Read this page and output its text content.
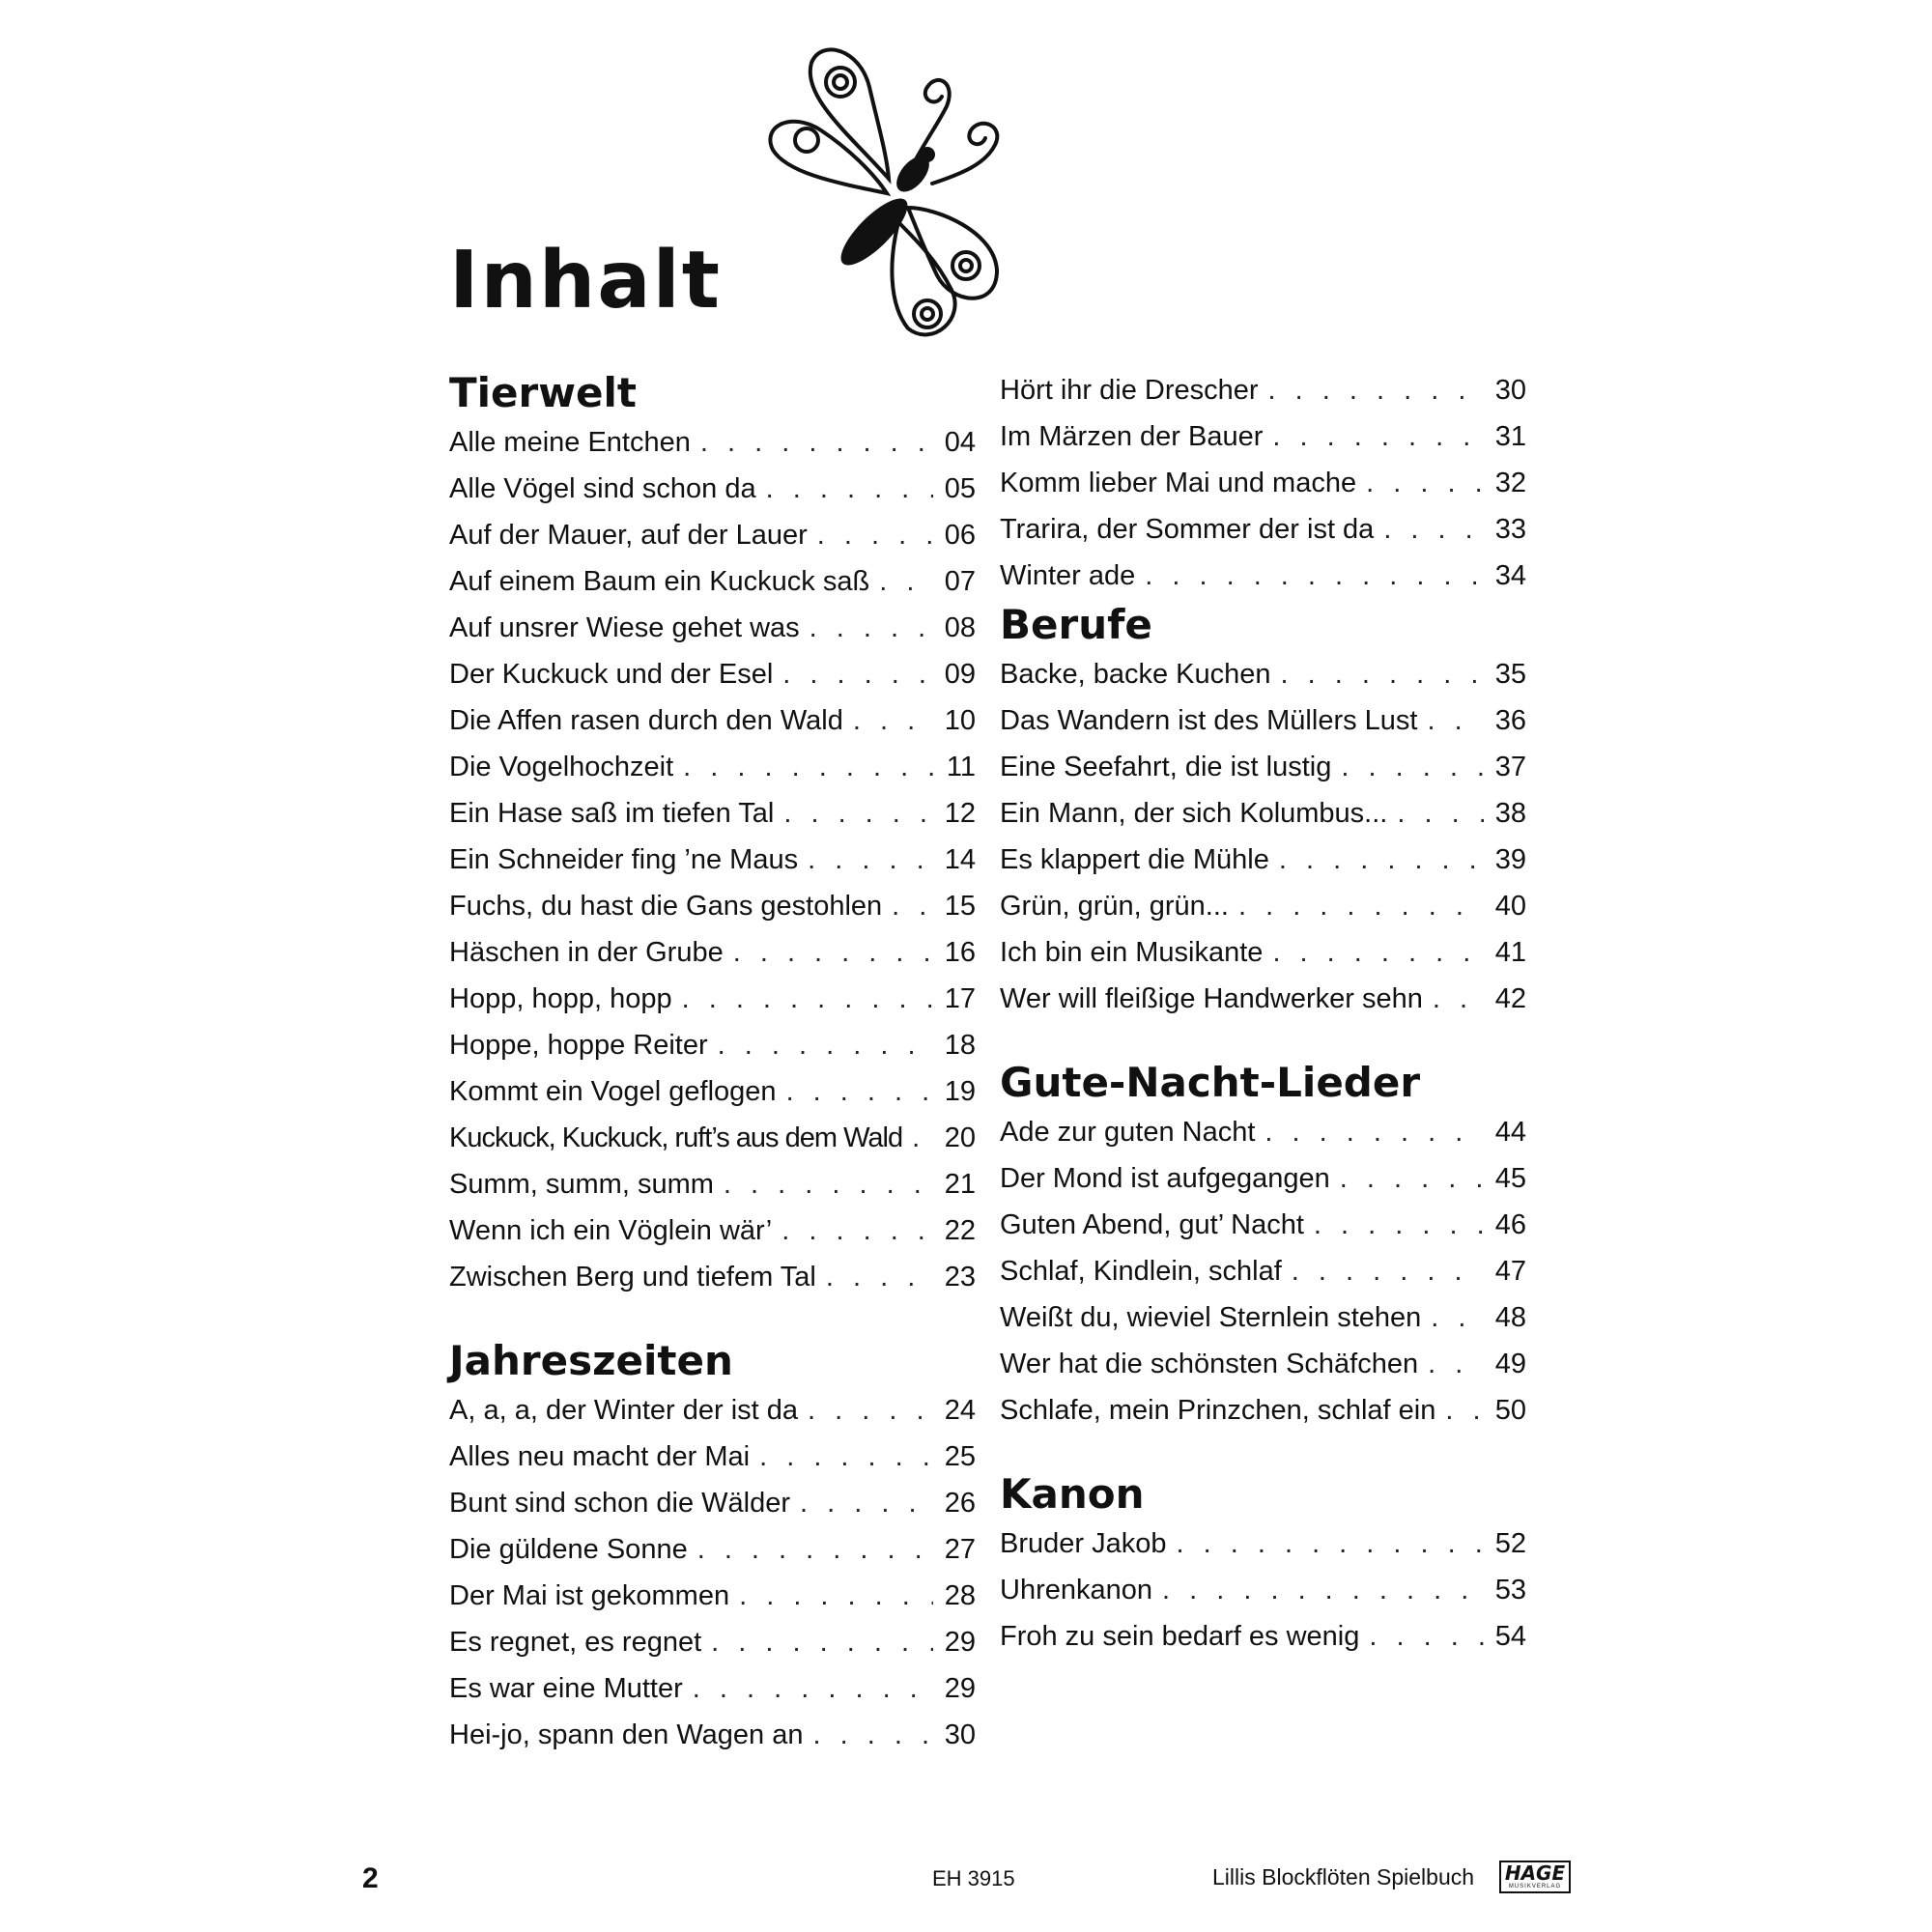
Inhalt
Tierwelt
Alle meine Entchen . . .	04
Alle Vögel sind schon da . . .	05
Auf der Mauer, auf der Lauer . . .	06
Auf einem Baum ein Kuckuck saß . . .	07
Auf unsrer Wiese gehet was . . .	08
Der Kuckuck und der Esel . . .	09
Die Affen rasen durch den Wald . . .	10
Die Vogelhochzeit . . .	11
Ein Hase saß im tiefen Tal . . .	12
Ein Schneider fing ’ne Maus . . .	14
Fuchs, du hast die Gans gestohlen . . . 15
Häschen in der Grube . . .	16
Hopp, hopp, hopp . . .	17
Hoppe, hoppe Reiter . . .	18
Kommt ein Vogel geflogen . . .	19
Kuckuck, Kuckuck, ruft’s aus dem Wald . . . 20
Summ, summ, summ . . .	21
Wenn ich ein Vöglein wär’ . . .	22
Zwischen Berg und tiefem Tal . . .	23
Jahreszeiten
A, a, a, der Winter der ist da . . .	24
Alles neu macht der Mai . . .	25
Bunt sind schon die Wälder . . .	26
Die güldene Sonne . . .	27
Der Mai ist gekommen . . .	28
Es regnet, es regnet . . .	29
Es war eine Mutter . . .	29
Hei-jo, spann den Wagen an . . .	30
Hört ihr die Drescher . . .	30
Im Märzen der Bauer . . .	31
Komm lieber Mai und mache . . .	32
Trarira, der Sommer der ist da . . .	33
Winter ade . . .	34
Berufe
Backe, backe Kuchen . . .	35
Das Wandern ist des Müllers Lust . . .	36
Eine Seefahrt, die ist lustig . . .	37
Ein Mann, der sich Kolumbus... . . .	38
Es klappert die Mühle . . .	39
Grün, grün, grün... . . .	40
Ich bin ein Musikante . . .	41
Wer will fleißige Handwerker sehn . . .	42
Gute-Nacht-Lieder
Ade zur guten Nacht . . .	44
Der Mond ist aufgegangen . . .	45
Guten Abend, gut’ Nacht . . .	46
Schlaf, Kindlein, schlaf . . .	47
Weißt du, wieviel Sternlein stehen . . .	48
Wer hat die schönsten Schäfchen . . .	49
Schlafe, mein Prinzchen, schlaf ein . . . 50
Kanon
Bruder Jakob . . .	52
Uhrenkanon . . .	53
Froh zu sein bedarf es wenig . . .	54
2	EH 3915	Lillis Blockflöten Spielbuch HAGE
MUSIKVERLAG
